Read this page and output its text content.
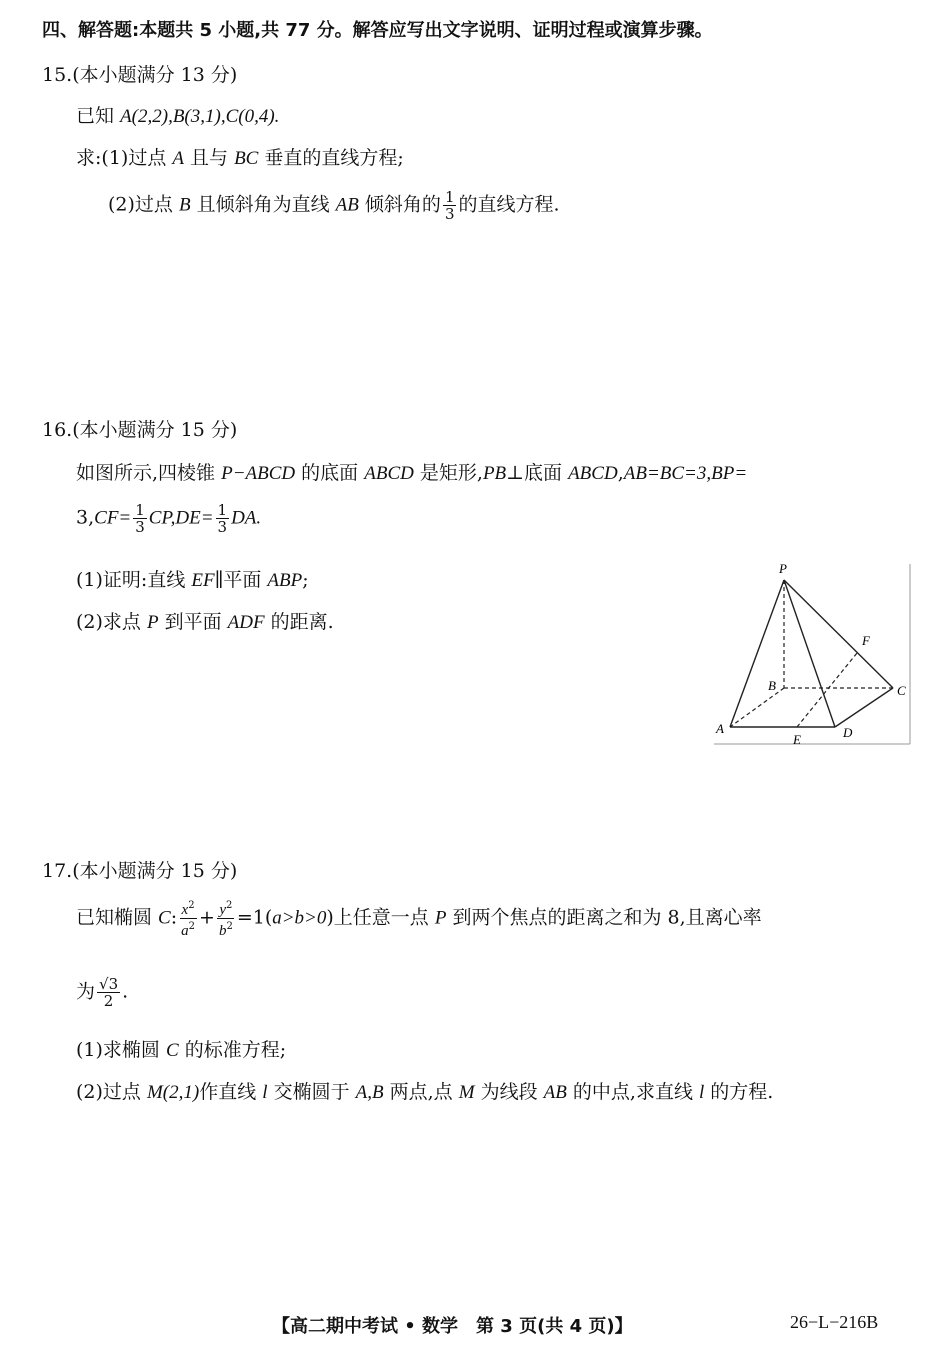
四、解答题:本题共 5 小题,共 77 分。解答应写出文字说明、证明过程或演算步骤。
15.(本小题满分 13 分)
已知 A(2,2),B(3,1),C(0,4).
求:(1)过点 A 且与 BC 垂直的直线方程;
(2)过点 B 且倾斜角为直线 AB 倾斜角的 $\frac{1}{3}$ 的直线方程.
16.(本小题满分 15 分)
如图所示,四棱锥 P−ABCD 的底面 ABCD 是矩形,PB⊥底面 ABCD,AB=BC=3,BP=
$3,CF= \frac{1}{3} CP,DE= \frac{1}{3}$ DA.
(1)证明:直线 EF∥平面 ABP;
(2)求点 P 到平面 ADF 的距离.
P
F
B	C
A
E	D
17.(本小题满分 15 分)
已知椭圆 C: $\frac{x^2}{a^2} + \frac{y^2}{b^2} =1(a>b>0)$上任意一点 P 到两个焦点的距离之和为 8,且离心率
为 $\frac{√3}{2}$ .
(1)求椭圆 C 的标准方程;
(2)过点 M(2,1)作直线 l 交椭圆于 A,B 两点,点 M 为线段 AB 的中点,求直线 l 的方程.
【高二期中考试 • 数学　第 3 页(共 4 页)】	26−L−216B
